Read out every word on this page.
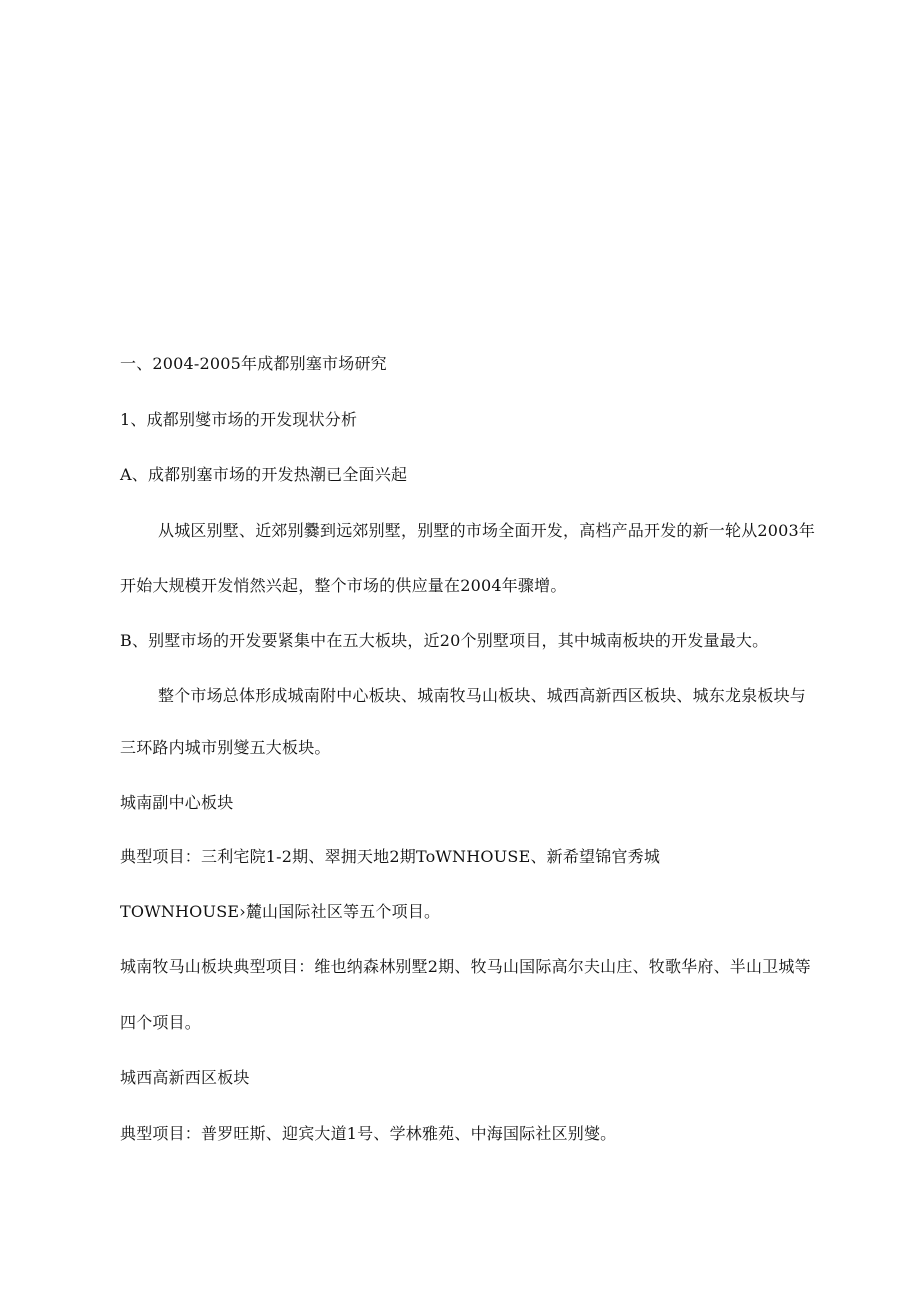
一、2004-2005年成都别塞市场研究
1、成都别燮市场的开发现状分析
A、成都别塞市场的开发热潮已全面兴起
从城区别墅、近郊别爨到远郊别墅，别墅的市场全面开发，高档产品开发的新一轮从2003年
开始大规模开发悄然兴起，整个市场的供应量在2004年骤增。
B、别墅市场的开发要紧集中在五大板块，近20个别墅项目，其中城南板块的开发量最大。
整个市场总体形成城南附中心板块、城南牧马山板块、城西高新西区板块、城东龙泉板块与
三环路内城市别燮五大板块。
城南副中心板块
典型项目：三利宅院1-2期、翠拥天地2期ToWNHOUSE、新希望锦官秀城
TOWNHOUSE›麓山国际社区等五个项目。
城南牧马山板块典型项目：维也纳森林别墅2期、牧马山国际高尔夫山庄、牧歌华府、半山卫城等
四个项目。
城西高新西区板块
典型项目：普罗旺斯、迎宾大道1号、学林雅苑、中海国际社区别燮。
